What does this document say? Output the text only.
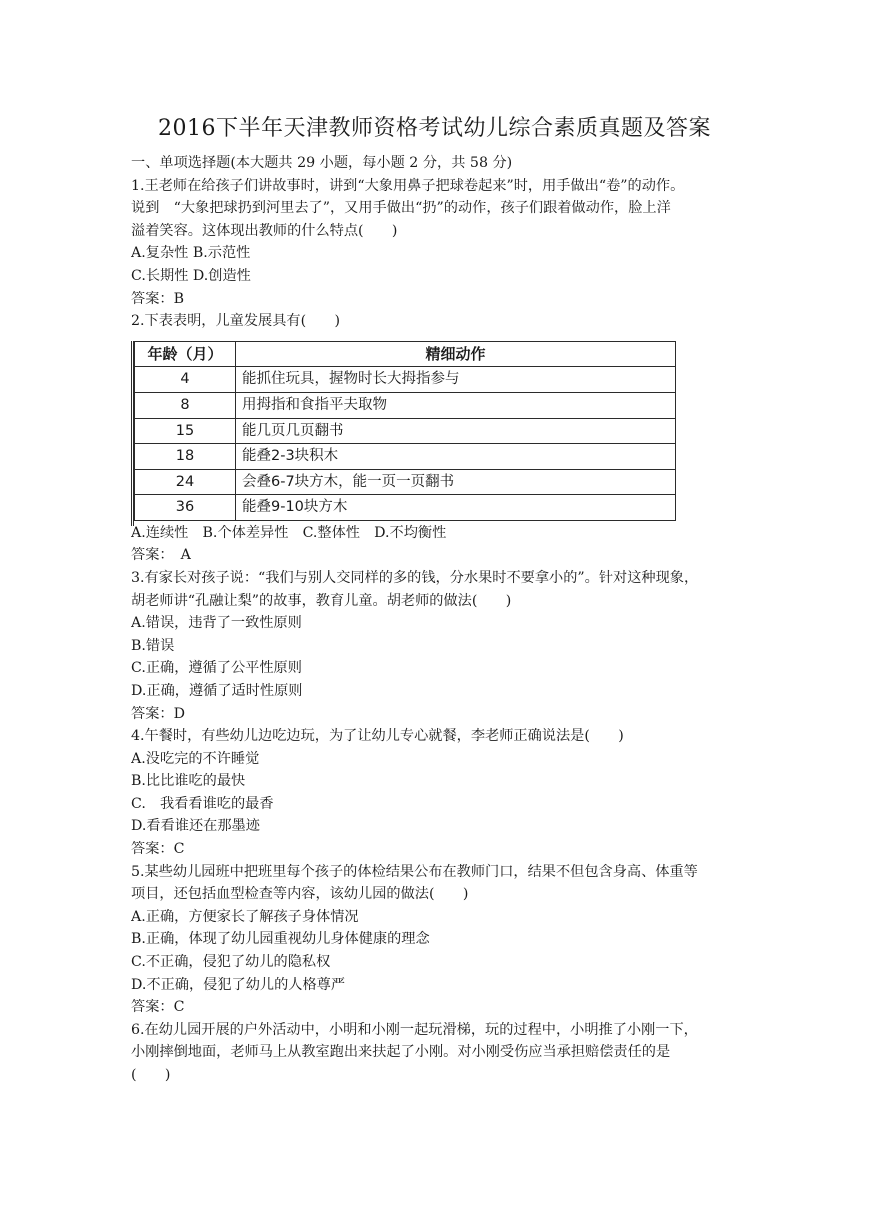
2016下半年天津教师资格考试幼儿综合素质真题及答案

一、单项选择题(本大题共 29 小题，每小题 2 分，共 58 分)

1.王老师在给孩子们讲故事时，讲到“大象用鼻子把球卷起来”时，用手做出“卷”的动作。

说到　“大象把球扔到河里去了”，又用手做出“扔”的动作，孩子们跟着做动作，脸上洋

溢着笑容。这体现出教师的什么特点(　　)

A.复杂性 B.示范性

C.长期性 D.创造性

答案：B

2.下表表明，儿童发展具有(　　)

年龄（月）	精细动作
4	能抓住玩具，握物时长大拇指参与
8	用拇指和食指平夫取物
15	能几页几页翻书
18	能叠2-3块积木
24	会叠6-7块方木，能一页一页翻书
36	能叠9-10块方木

A.连续性　B.个体差异性　C.整体性　D.不均衡性

答案：　A

3.有家长对孩子说：“我们与别人交同样的多的钱，分水果时不要拿小的”。针对这种现象，

胡老师讲“孔融让梨”的故事，教育儿童。胡老师的做法(　　)

A.错误，违背了一致性原则

B.错误

C.正确，遵循了公平性原则

D.正确，遵循了适时性原则

答案：D

4.午餐时，有些幼儿边吃边玩，为了让幼儿专心就餐，李老师正确说法是(　　)

A.没吃完的不许睡觉

B.比比谁吃的最快

C.　我看看谁吃的最香

D.看看谁还在那墨迹

答案：C

5.某些幼儿园班中把班里每个孩子的体检结果公布在教师门口，结果不但包含身高、体重等

项目，还包括血型检查等内容，该幼儿园的做法(　　)

A.正确，方便家长了解孩子身体情况

B.正确，体现了幼儿园重视幼儿身体健康的理念

C.不正确，侵犯了幼儿的隐私权

D.不正确，侵犯了幼儿的人格尊严

答案：C

6.在幼儿园开展的户外活动中，小明和小刚一起玩滑梯，玩的过程中，小明推了小刚一下，

小刚摔倒地面，老师马上从教室跑出来扶起了小刚。对小刚受伤应当承担赔偿责任的是

(　　)
